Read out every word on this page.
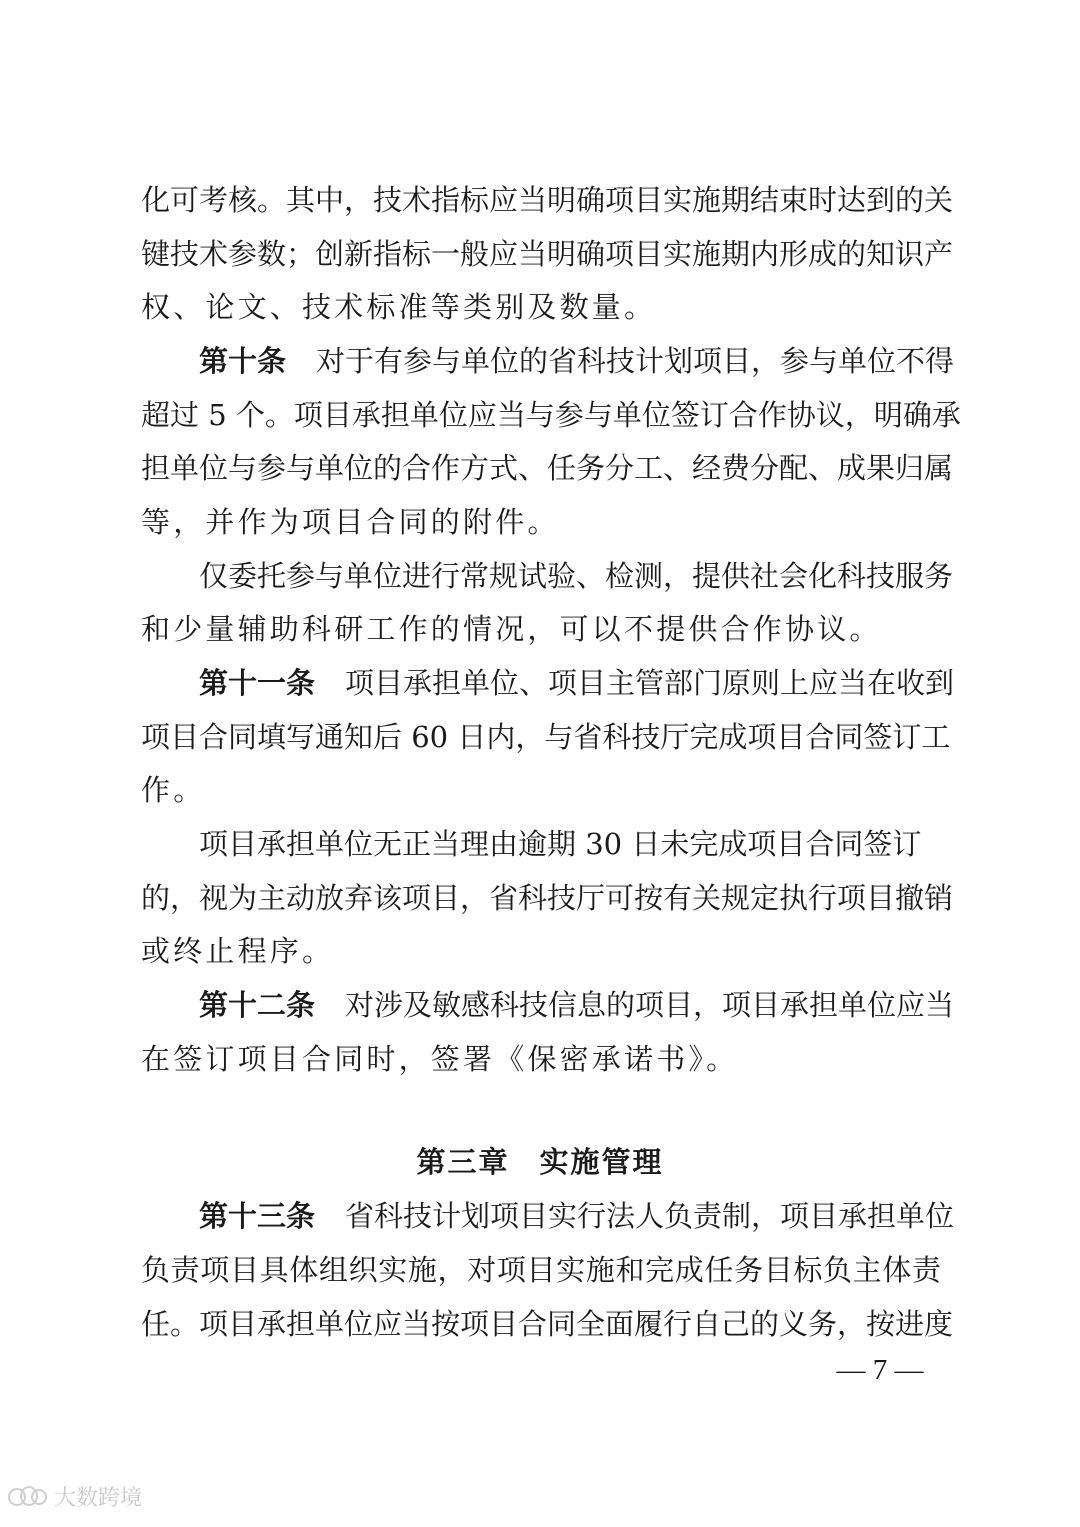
化可考核。其中，技术指标应当明确项目实施期结束时达到的关
键技术参数；创新指标一般应当明确项目实施期内形成的知识产
权、论文、技术标准等类别及数量。
第十条 对于有参与单位的省科技计划项目，参与单位不得
超过 5 个。项目承担单位应当与参与单位签订合作协议，明确承
担单位与参与单位的合作方式、任务分工、经费分配、成果归属
等，并作为项目合同的附件。
仅委托参与单位进行常规试验、检测，提供社会化科技服务
和少量辅助科研工作的情况，可以不提供合作协议。
第十一条 项目承担单位、项目主管部门原则上应当在收到
项目合同填写通知后 60 日内，与省科技厅完成项目合同签订工
作。
项目承担单位无正当理由逾期 30 日未完成项目合同签订
的，视为主动放弃该项目，省科技厅可按有关规定执行项目撤销
或终止程序。
第十二条 对涉及敏感科技信息的项目，项目承担单位应当
在签订项目合同时，签署《保密承诺书》。
第三章 实施管理
第十三条 省科技计划项目实行法人负责制，项目承担单位
负责项目具体组织实施，对项目实施和完成任务目标负主体责
任。项目承担单位应当按项目合同全面履行自己的义务，按进度
— 7 —
大数跨境
